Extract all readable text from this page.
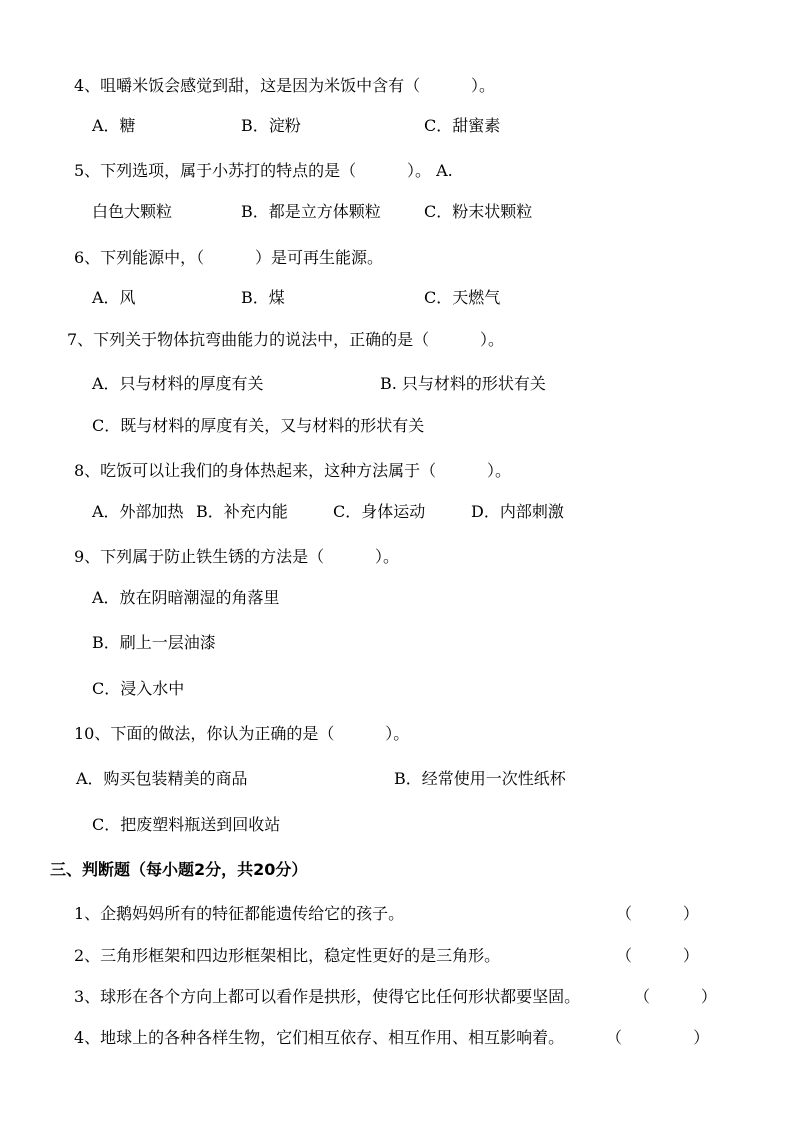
4、咀嚼米饭会感觉到甜，这是因为米饭中含有（          ）。
A．糖	B．淀粉	C．甜蜜素
5、下列选项，属于小苏打的特点的是（          ）。 A.
白色大颗粒	B．都是立方体颗粒	C．粉末状颗粒
6、下列能源中，（          ）是可再生能源。
A．风	B．煤	C．天燃气
7、下列关于物体抗弯曲能力的说法中，正确的是（          ）。
A．只与材料的厚度有关	B. 只与材料的形状有关
C．既与材料的厚度有关，又与材料的形状有关
8、吃饭可以让我们的身体热起来，这种方法属于（          ）。
A．外部加热 B．补充内能	C．身体运动	D．内部刺激
9、下列属于防止铁生锈的方法是（          ）。
A．放在阴暗潮湿的角落里
B．刷上一层油漆
C．浸入水中
10、下面的做法，你认为正确的是（          ）。
A．购买包装精美的商品	B．经常使用一次性纸杯
C．把废塑料瓶送到回收站
三、判断题（每小题2分，共20分）
1、企鹅妈妈所有的特征都能遗传给它的孩子。	（          ）
2、三角形框架和四边形框架相比，稳定性更好的是三角形。	（          ）
3、球形在各个方向上都可以看作是拱形，使得它比任何形状都要坚固。	（          ）
4、地球上的各种各样生物，它们相互依存、相互作用、相互影响着。	（              ）
